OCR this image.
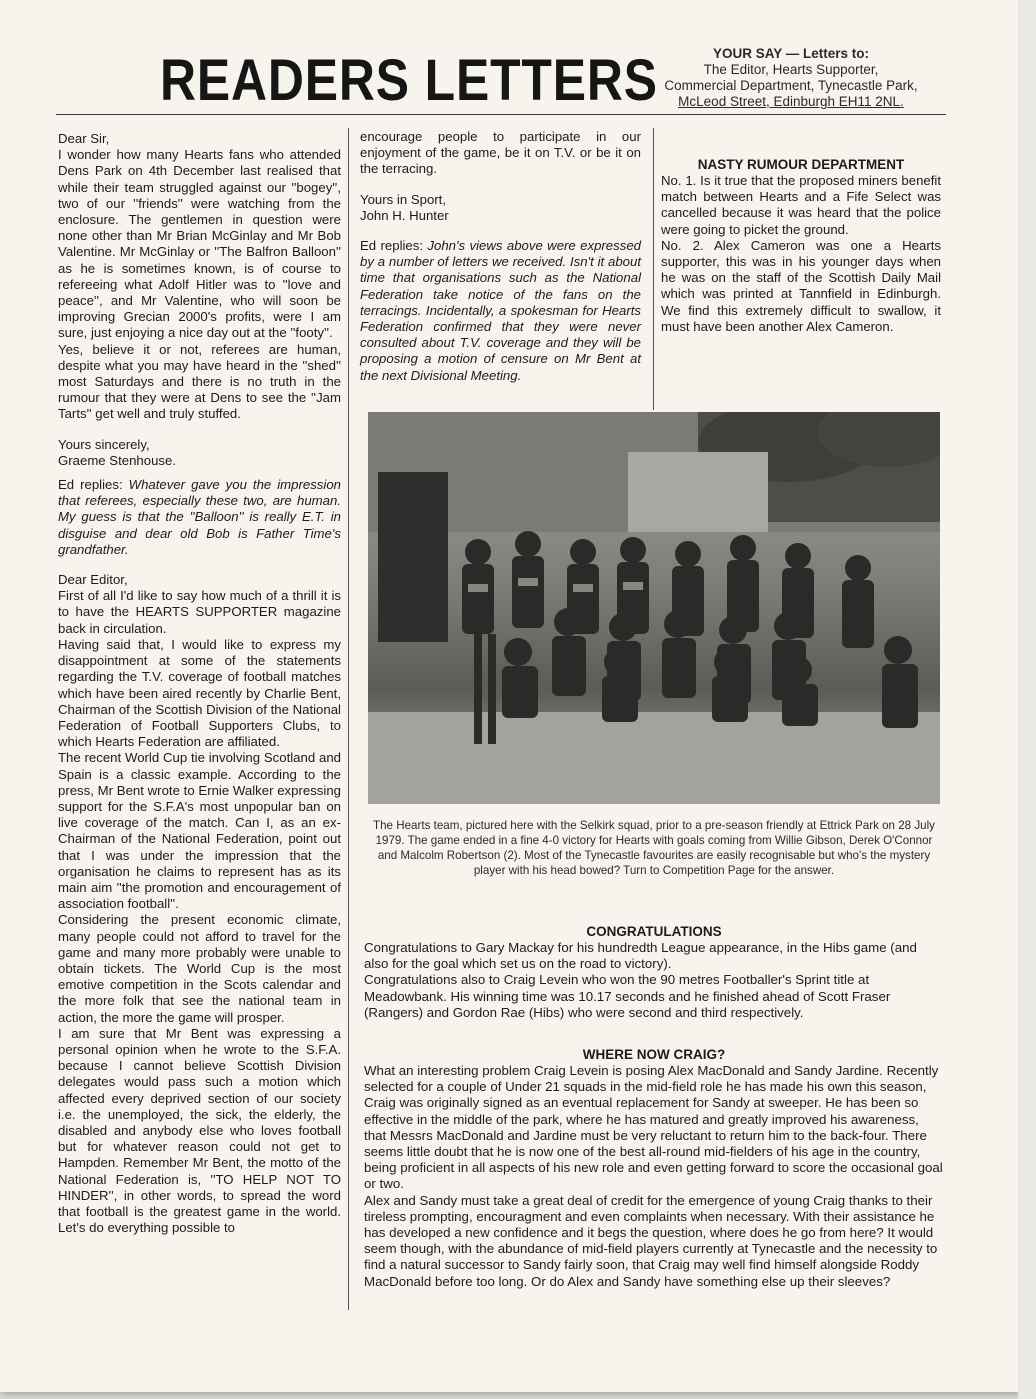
READERS LETTERS	YOUR SAY — Letters to:
The Editor, Hearts Supporter,
Commercial Department, Tynecastle Park,
McLeod Street, Edinburgh EH11 2NL.

Dear Sir,

I wonder how many Hearts fans who attended Dens Park on 4th December last realised that while their team struggled against our ''bogey'', two of our ''friends'' were watching from the enclosure. The gentlemen in question were none other than Mr Brian McGinlay and Mr Bob Valentine. Mr McGinlay or ''The Balfron Balloon'' as he is sometimes known, is of course to refereeing what Adolf Hitler was to ''love and peace'', and Mr Valentine, who will soon be improving Grecian 2000's profits, were I am sure, just enjoying a nice day out at the ''footy''.

Yes, believe it or not, referees are human, despite what you may have heard in the ''shed'' most Saturdays and there is no truth in the rumour that they were at Dens to see the ''Jam Tarts'' get well and truly stuffed.

Yours sincerely,

Graeme Stenhouse.

Ed replies: Whatever gave you the impression that referees, especially these two, are human. My guess is that the ''Balloon'' is really E.T. in disguise and dear old Bob is Father Time's grandfather.

Dear Editor,

First of all I'd like to say how much of a thrill it is to have the HEARTS SUPPORTER magazine back in circulation.

Having said that, I would like to express my disappointment at some of the statements regarding the T.V. coverage of football matches which have been aired recently by Charlie Bent, Chairman of the Scottish Division of the National Federation of Football Supporters Clubs, to which Hearts Federation are affiliated.

The recent World Cup tie involving Scotland and Spain is a classic example. According to the press, Mr Bent wrote to Ernie Walker expressing support for the S.F.A's most unpopular ban on live coverage of the match. Can I, as an ex-Chairman of the National Federation, point out that I was under the impression that the organisation he claims to represent has as its main aim ''the promotion and encouragement of association football''.

Considering the present economic climate, many people could not afford to travel for the game and many more probably were unable to obtain tickets. The World Cup is the most emotive competition in the Scots calendar and the more folk that see the national team in action, the more the game will prosper.

I am sure that Mr Bent was expressing a personal opinion when he wrote to the S.F.A. because I cannot believe Scottish Division delegates would pass such a motion which affected every deprived section of our society i.e. the unemployed, the sick, the elderly, the disabled and anybody else who loves football but for whatever reason could not get to Hampden. Remember Mr Bent, the motto of the National Federation is, ''TO HELP NOT TO HINDER'', in other words, to spread the word that football is the greatest game in the world. Let's do everything possible to

encourage people to participate in our enjoyment of the game, be it on T.V. or be it on the terracing.

Yours in Sport,

John H. Hunter

Ed replies: John's views above were expressed by a number of letters we received. Isn't it about time that organisations such as the National Federation take notice of the fans on the terracings. Incidentally, a spokesman for Hearts Federation confirmed that they were never consulted about T.V. coverage and they will be proposing a motion of censure on Mr Bent at the next Divisional Meeting.

NASTY RUMOUR DEPARTMENT

No. 1. Is it true that the proposed miners benefit match between Hearts and a Fife Select was cancelled because it was heard that the police were going to picket the ground.

No. 2. Alex Cameron was one a Hearts supporter, this was in his younger days when he was on the staff of the Scottish Daily Mail which was printed at Tannfield in Edinburgh. We find this extremely difficult to swallow, it must have been another Alex Cameron.

The Hearts team, pictured here with the Selkirk squad, prior to a pre-season friendly at Ettrick Park on 28 July 1979. The game ended in a fine 4-0 victory for Hearts with goals coming from Willie Gibson, Derek O'Connor and Malcolm Robertson (2). Most of the Tynecastle favourites are easily recognisable but who's the mystery player with his head bowed? Turn to Competition Page for the answer.
CONGRATULATIONS

Congratulations to Gary Mackay for his hundredth League appearance, in the Hibs game (and also for the goal which set us on the road to victory).

Congratulations also to Craig Levein who won the 90 metres Footballer's Sprint title at Meadowbank. His winning time was 10.17 seconds and he finished ahead of Scott Fraser (Rangers) and Gordon Rae (Hibs) who were second and third respectively.

WHERE NOW CRAIG?

What an interesting problem Craig Levein is posing Alex MacDonald and Sandy Jardine. Recently selected for a couple of Under 21 squads in the mid-field role he has made his own this season, Craig was originally signed as an eventual replacement for Sandy at sweeper. He has been so effective in the middle of the park, where he has matured and greatly improved his awareness, that Messrs MacDonald and Jardine must be very reluctant to return him to the back-four. There seems little doubt that he is now one of the best all-round mid-fielders of his age in the country, being proficient in all aspects of his new role and even getting forward to score the occasional goal or two.

Alex and Sandy must take a great deal of credit for the emergence of young Craig thanks to their tireless prompting, encouragment and even complaints when necessary. With their assistance he has developed a new confidence and it begs the question, where does he go from here? It would seem though, with the abundance of mid-field players currently at Tynecastle and the necessity to find a natural successor to Sandy fairly soon, that Craig may well find himself alongside Roddy MacDonald before too long. Or do Alex and Sandy have something else up their sleeves?
